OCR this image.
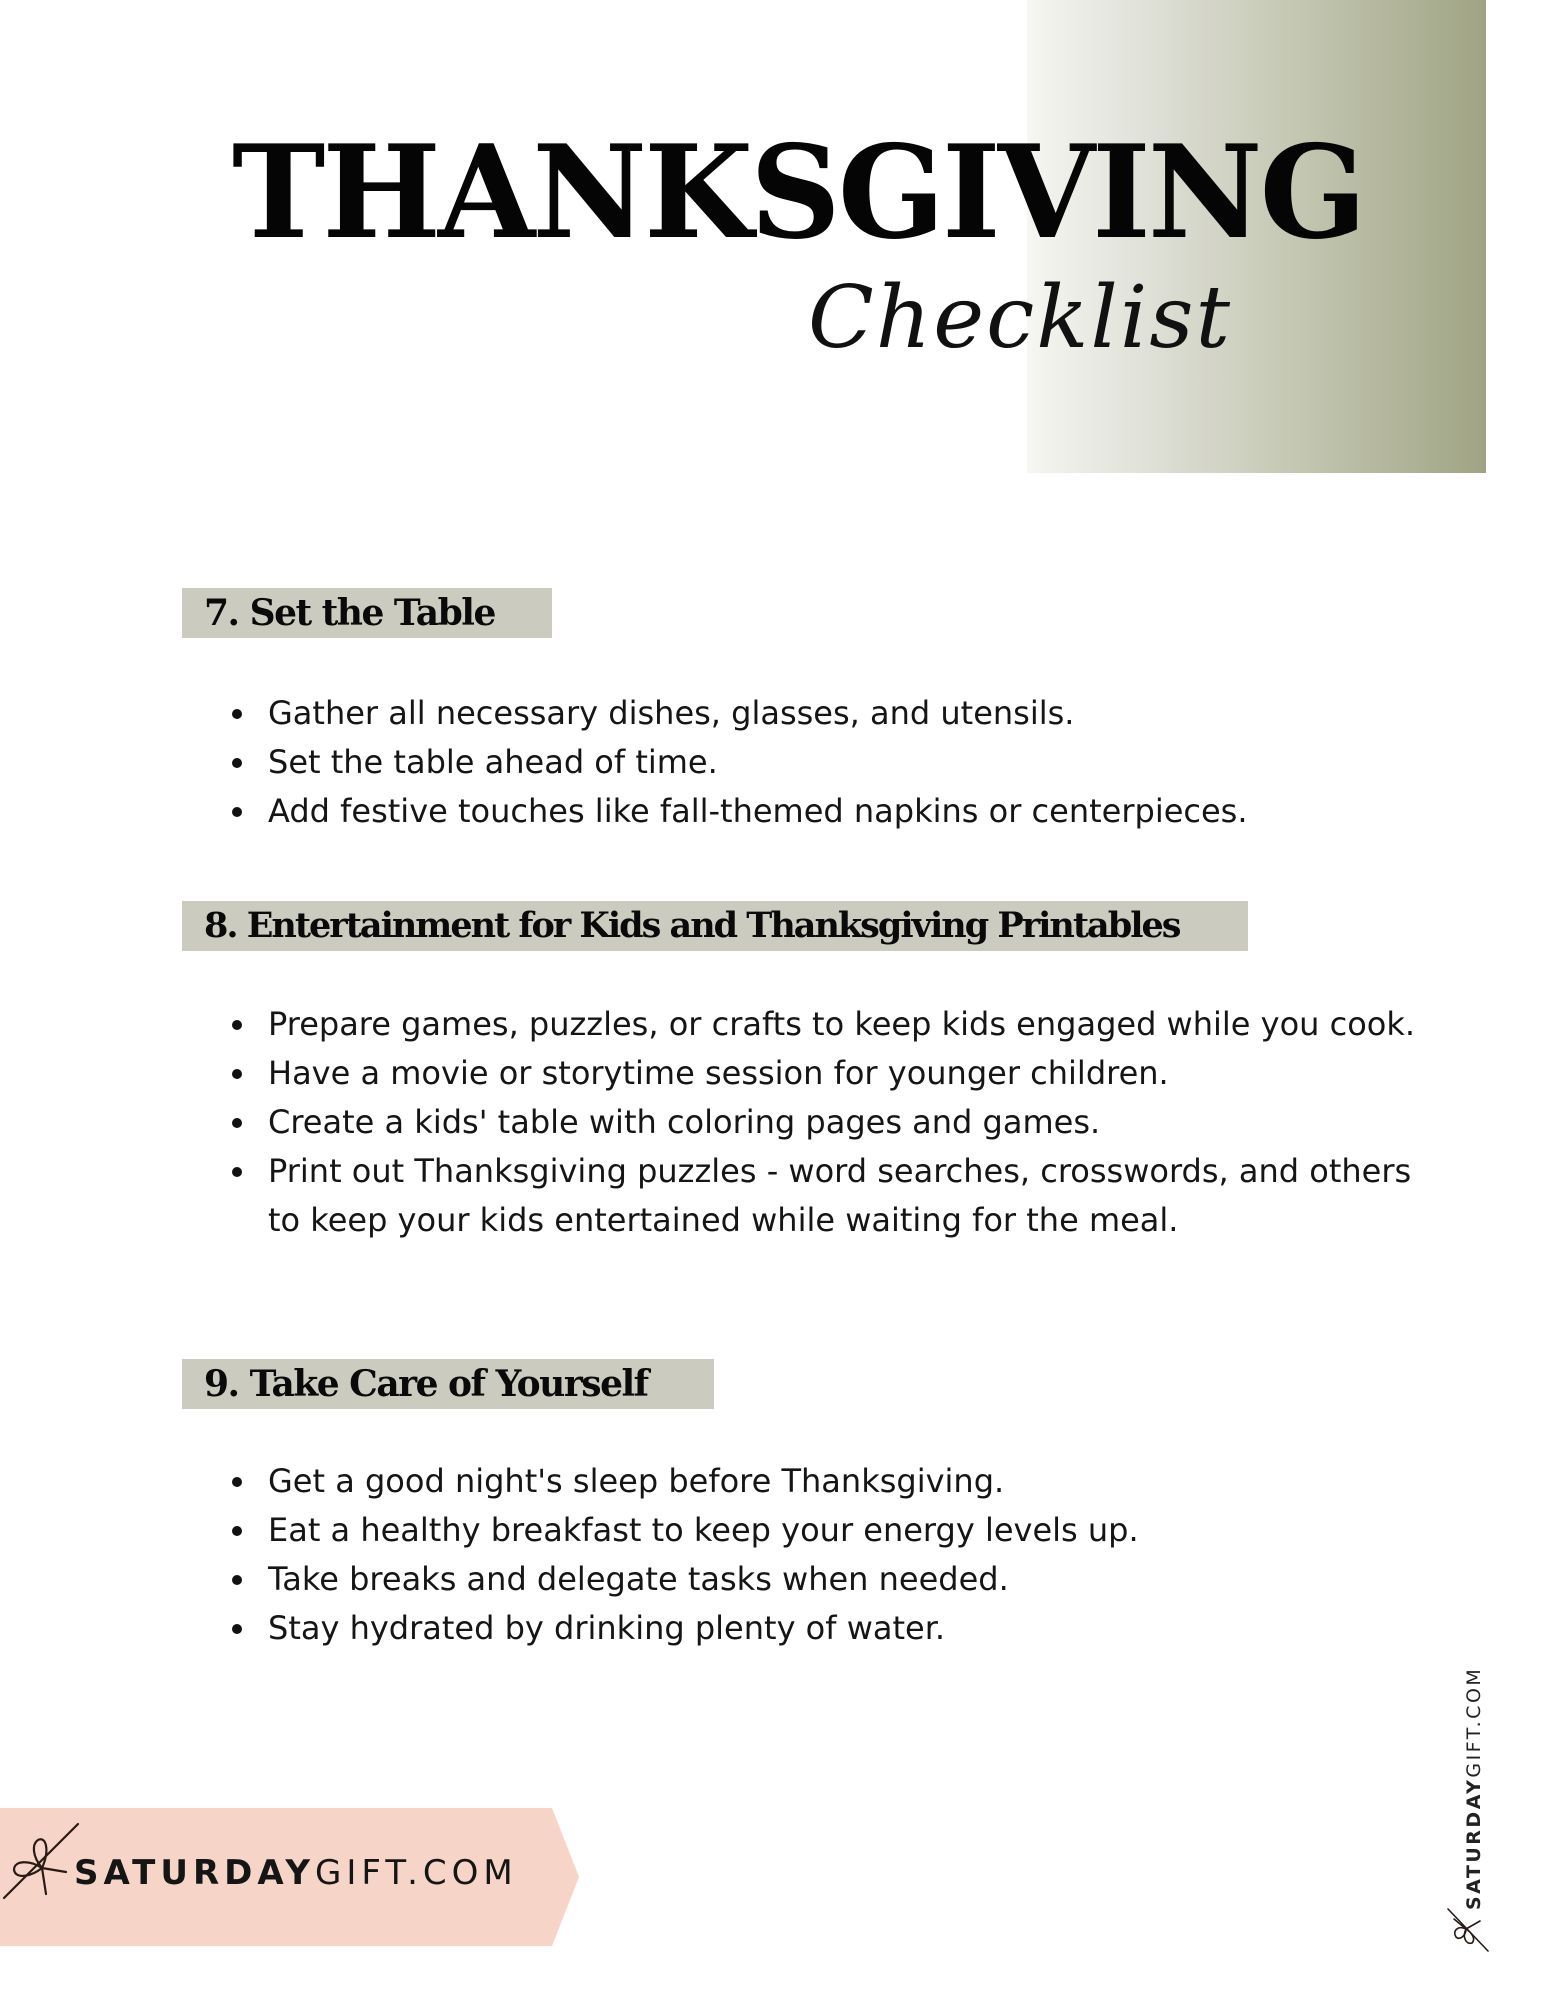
THANKSGIVING
Checklist
7. Set the Table
Gather all necessary dishes, glasses, and utensils.
Set the table ahead of time.
Add festive touches like fall-themed napkins or centerpieces.
8. Entertainment for Kids and Thanksgiving Printables
Prepare games, puzzles, or crafts to keep kids engaged while you cook.
Have a movie or storytime session for younger children.
Create a kids' table with coloring pages and games.
Print out Thanksgiving puzzles - word searches, crosswords, and others to keep your kids entertained while waiting for the meal.
9. Take Care of Yourself
Get a good night's sleep before Thanksgiving.
Eat a healthy breakfast to keep your energy levels up.
Take breaks and delegate tasks when needed.
Stay hydrated by drinking plenty of water.
SATURDAYGIFT.COM	SATURDAYGIFT.COM
